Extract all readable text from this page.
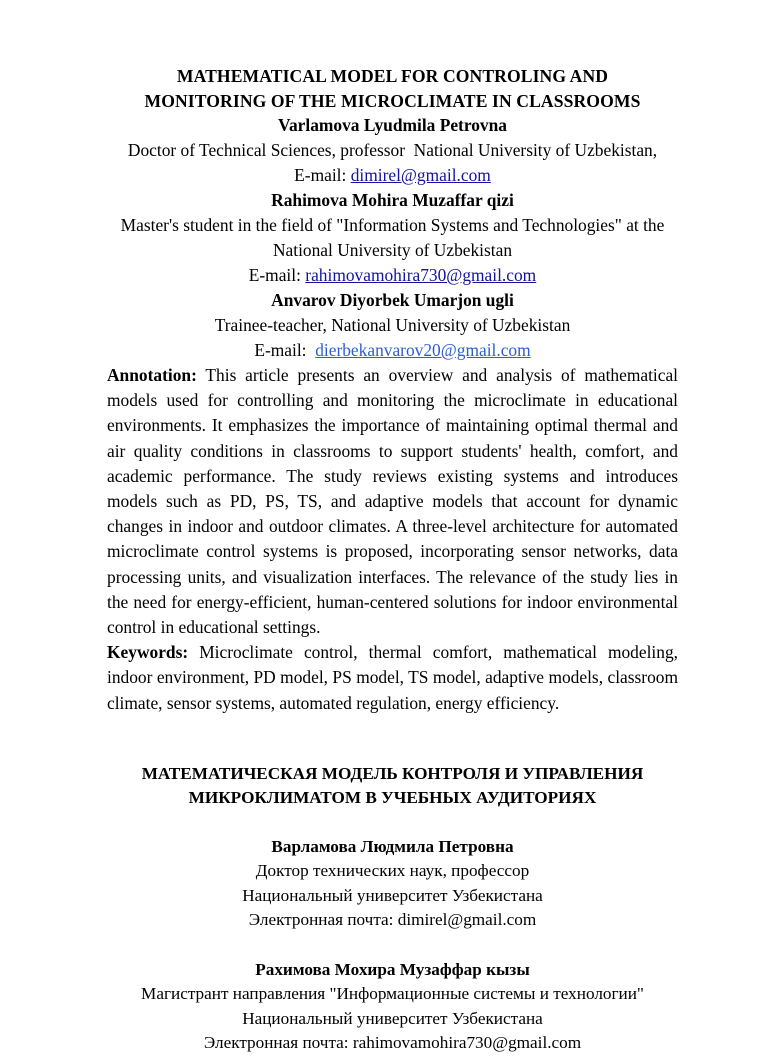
MATHEMATICAL MODEL FOR CONTROLING AND
MONITORING OF THE MICROCLIMATE IN CLASSROOMS
Varlamova Lyudmila Petrovna
Doctor of Technical Sciences, professor  National University of Uzbekistan,
E-mail: dimirel@gmail.com
Rahimova Mohira Muzaffar qizi
Master's student in the field of "Information Systems and Technologies" at the
National University of Uzbekistan
E-mail: rahimovamohira730@gmail.com
Anvarov Diyorbek Umarjon ugli
Trainee-teacher, National University of Uzbekistan
E-mail:  dierbekanvarov20@gmail.com

Annotation: This article presents an overview and analysis of mathematical models used for controlling and monitoring the microclimate in educational environments. It emphasizes the importance of maintaining optimal thermal and air quality conditions in classrooms to support students' health, comfort, and academic performance. The study reviews existing systems and introduces models such as PD, PS, TS, and adaptive models that account for dynamic changes in indoor and outdoor climates. A three-level architecture for automated microclimate control systems is proposed, incorporating sensor networks, data processing units, and visualization interfaces. The relevance of the study lies in the need for energy-efficient, human-centered solutions for indoor environmental control in educational settings.

Keywords: Microclimate control, thermal comfort, mathematical modeling, indoor environment, PD model, PS model, TS model, adaptive models, classroom climate, sensor systems, automated regulation, energy efficiency.

МАТЕМАТИЧЕСКАЯ МОДЕЛЬ КОНТРОЛЯ И УПРАВЛЕНИЯ
МИКРОКЛИМАТОМ В УЧЕБНЫХ АУДИТОРИЯХ
Варламова Людмила Петровна
Доктор технических наук, профессор
Национальный университет Узбекистана
Электронная почта: dimirel@gmail.com
Рахимова Мохира Музаффар кызы
Магистрант направления "Информационные системы и технологии"
Национальный университет Узбекистана
Электронная почта: rahimovamohira730@gmail.com
